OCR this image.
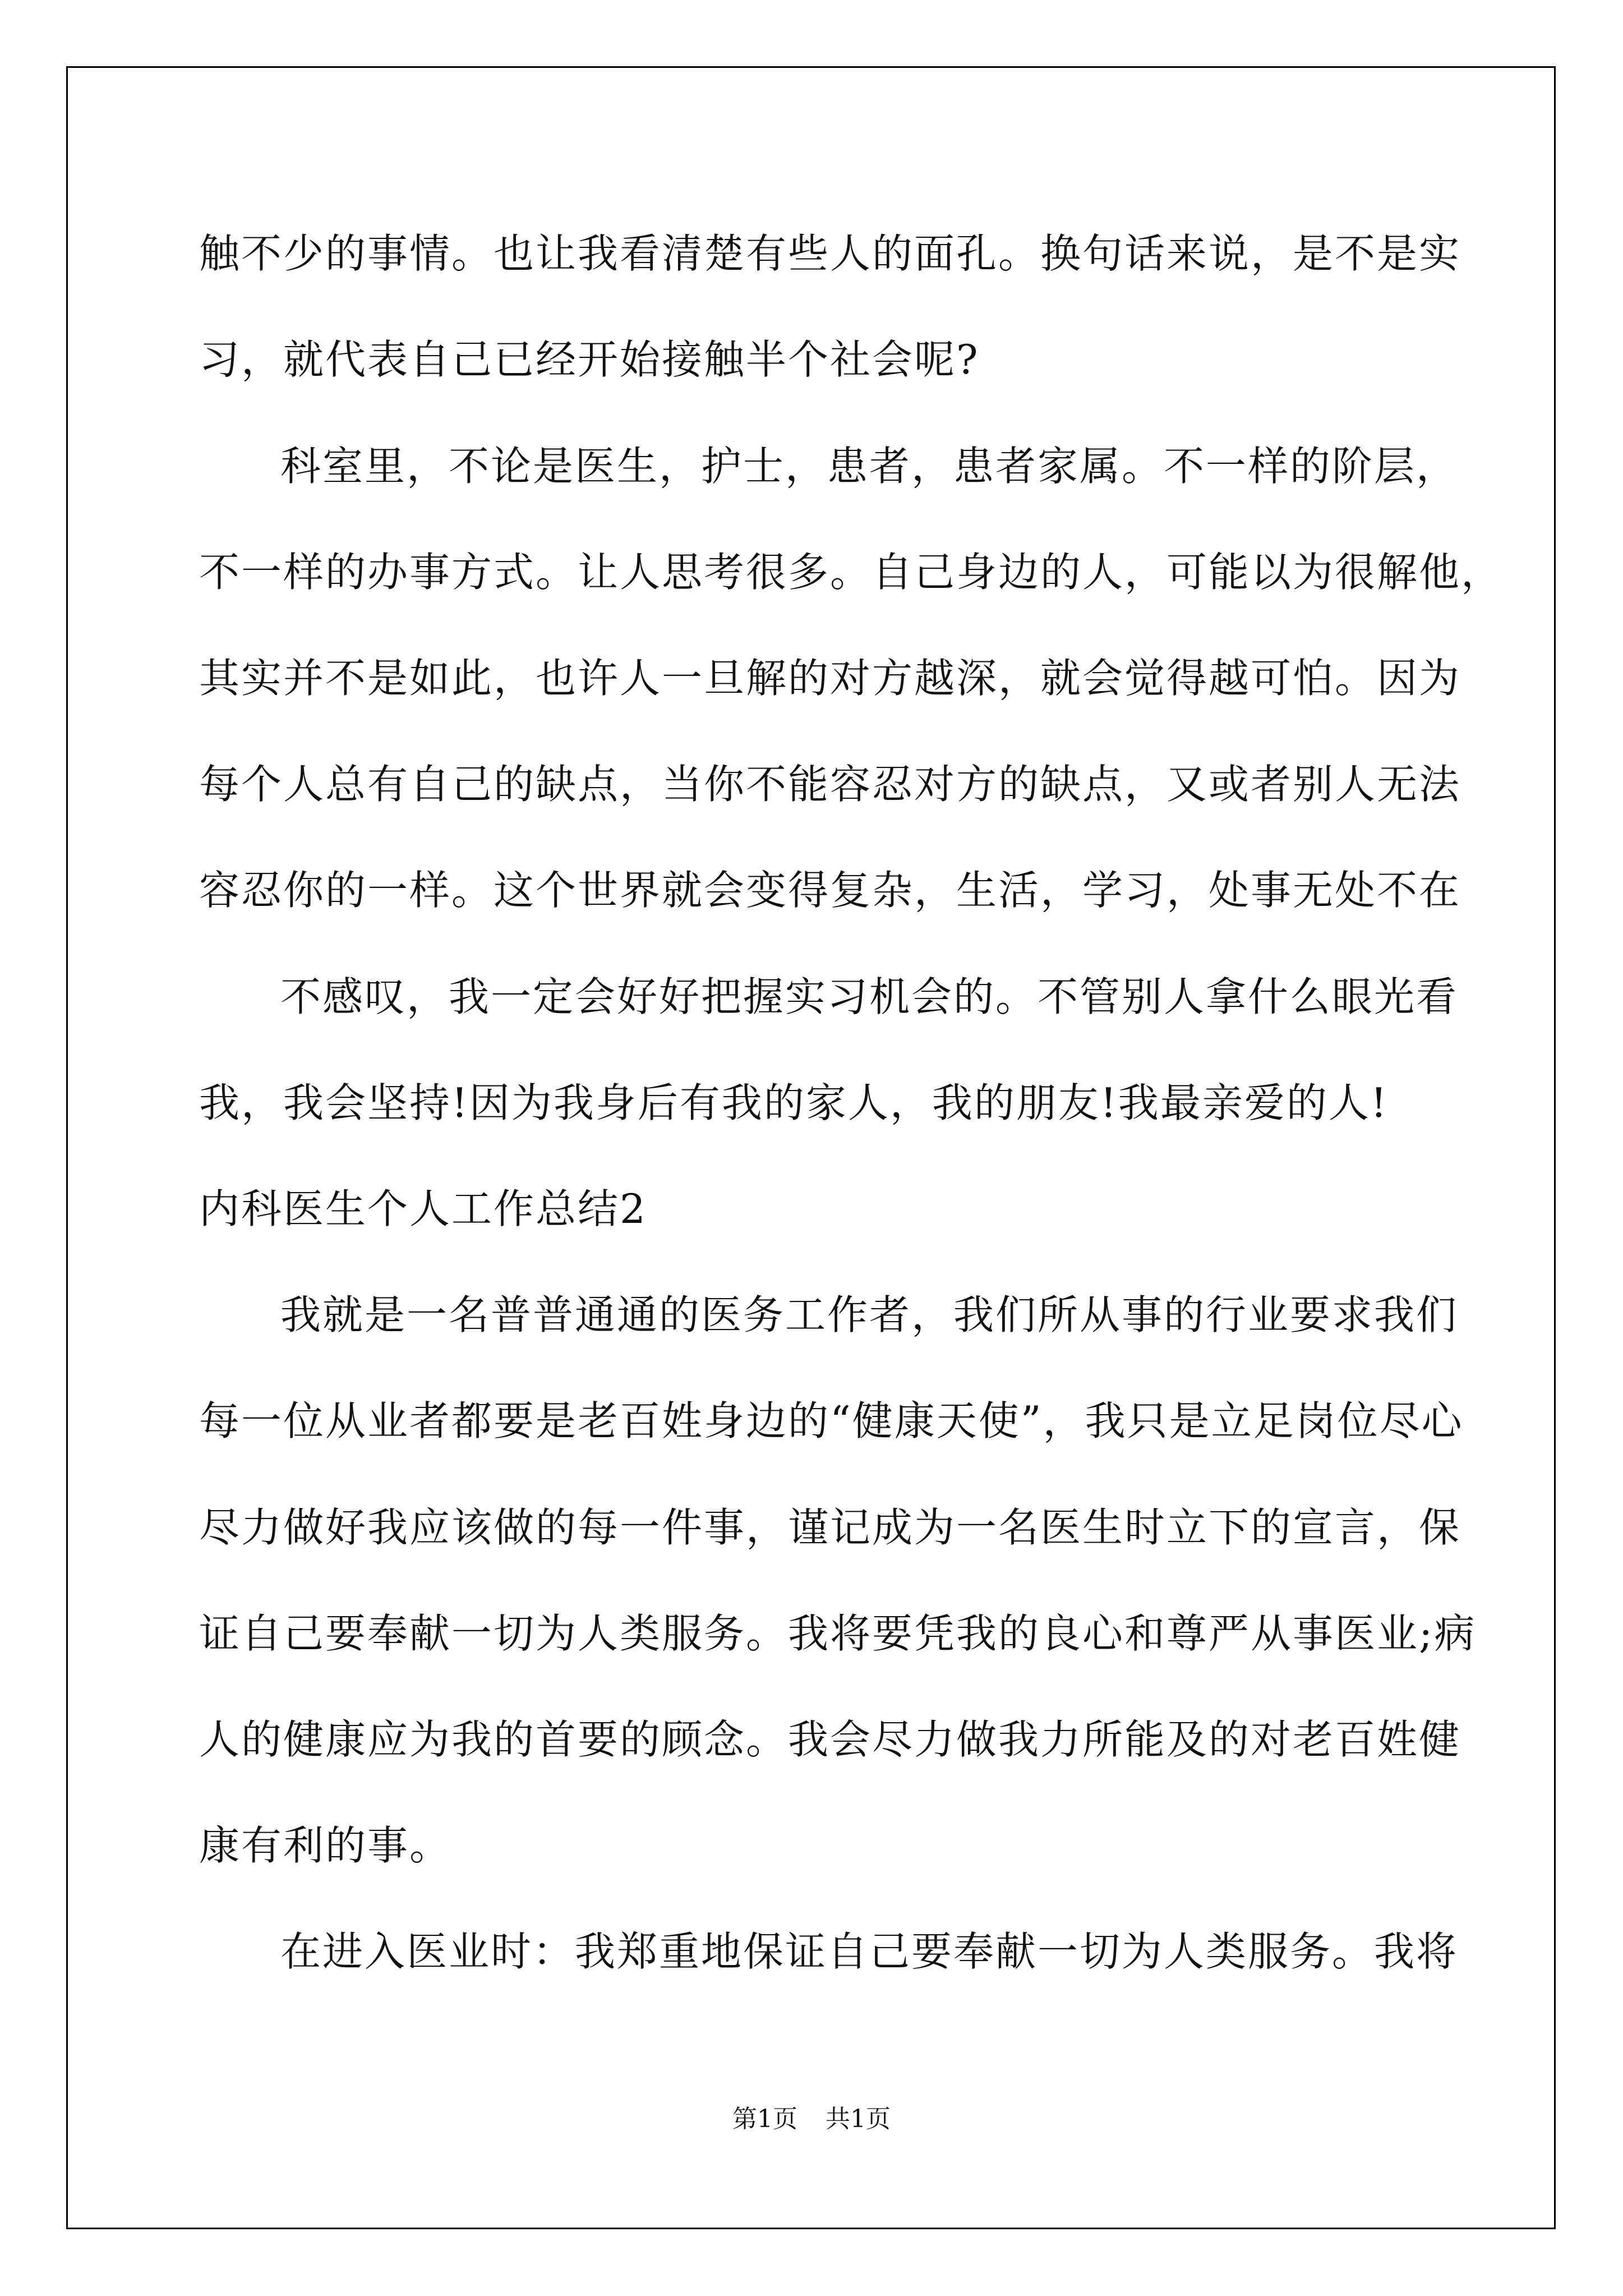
触不少的事情。也让我看清楚有些人的面孔。换句话来说，是不是实
习，就代表自己已经开始接触半个社会呢?
科室里，不论是医生，护士，患者，患者家属。不一样的阶层，
不一样的办事方式。让人思考很多。自己身边的人，可能以为很解他，
其实并不是如此，也许人一旦解的对方越深，就会觉得越可怕。因为
每个人总有自己的缺点，当你不能容忍对方的缺点，又或者别人无法
容忍你的一样。这个世界就会变得复杂，生活，学习，处事无处不在
不感叹，我一定会好好把握实习机会的。不管别人拿什么眼光看
我，我会坚持!因为我身后有我的家人，我的朋友!我最亲爱的人!
内科医生个人工作总结2
我就是一名普普通通的医务工作者，我们所从事的行业要求我们
每一位从业者都要是老百姓身边的“健康天使”，我只是立足岗位尽心
尽力做好我应该做的每一件事，谨记成为一名医生时立下的宣言，保
证自己要奉献一切为人类服务。我将要凭我的良心和尊严从事医业;病
人的健康应为我的首要的顾念。我会尽力做我力所能及的对老百姓健
康有利的事。
在进入医业时：我郑重地保证自己要奉献一切为人类服务。我将
第1页 共1页
